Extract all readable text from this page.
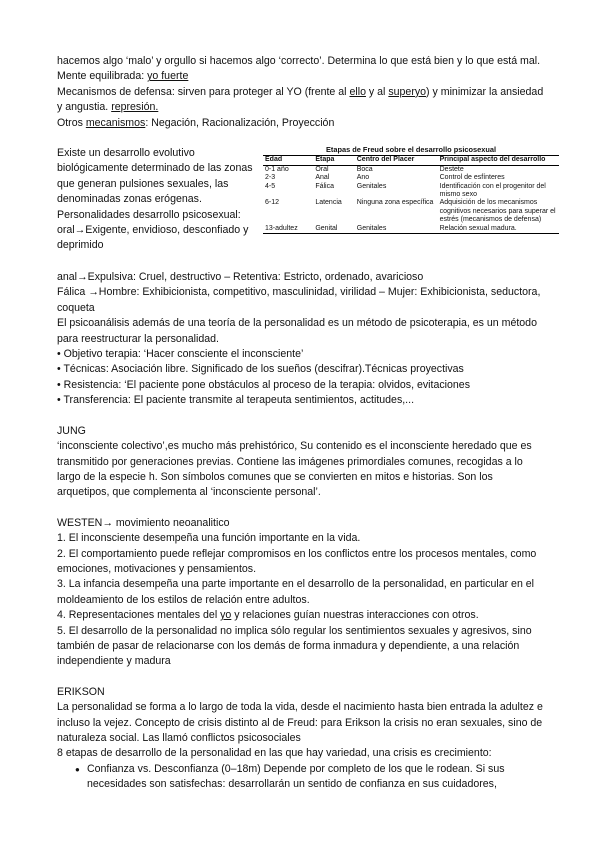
hacemos algo ‘malo’ y orgullo si hacemos algo ‘correcto’. Determina lo que está bien y lo que está mal.

Mente equilibrada: yo fuerte

Mecanismos de defensa: sirven para proteger al YO (frente al ello y al superyo) y minimizar la ansiedad y angustia. represión.

Otros mecanismos: Negación, Racionalización, Proyección

Existe un desarrollo evolutivo biológicamente determinado de las zonas que generan pulsiones sexuales, las denominadas zonas erógenas. Personalidades desarrollo psicosexual: oral→Exigente, envidioso, desconfiado y deprimido

Etapas de Freud sobre el desarrollo psicosexual
Edad	Etapa	Centro del Placer	Principal aspecto del desarrollo
0-1 año	Oral	Boca	Destete
2-3	Anal	Ano	Control de esfínteres
4-5	Fálica	Genitales	Identificación con el progenitor del mismo sexo
6-12	Latencia	Ninguna zona específica	Adquisición de los mecanismos cognitivos necesarios para superar el estrés (mecanismos de defensa)
13-adultez	Genital	Genitales	Relación sexual madura.

anal→Expulsiva: Cruel, destructivo – Retentiva: Estricto, ordenado, avaricioso

Fálica →Hombre: Exhibicionista, competitivo, masculinidad, virilidad – Mujer: Exhibicionista, seductora, coqueta

El psicoanálisis además de una teoría de la personalidad es un método de psicoterapia, es un método para reestructurar la personalidad.

• Objetivo terapia: ‘Hacer consciente el inconsciente’

• Técnicas: Asociación libre. Significado de los sueños (descifrar).Técnicas proyectivas

• Resistencia: ‘El paciente pone obstáculos al proceso de la terapia: olvidos, evitaciones

• Transferencia: El paciente transmite al terapeuta sentimientos, actitudes,...

JUNG

‘inconsciente colectivo’,es mucho más prehistórico, Su contenido es el inconsciente heredado que es transmitido por generaciones previas. Contiene las imágenes primordiales comunes, recogidas a lo largo de la especie h. Son símbolos comunes que se convierten en mitos e historias. Son los arquetipos, que complementa al ‘inconsciente personal’.

WESTEN→ movimiento neoanalitico

1. El inconsciente desempeña una función importante en la vida.

2. El comportamiento puede reflejar compromisos en los conflictos entre los procesos mentales, como emociones, motivaciones y pensamientos.

3. La infancia desempeña una parte importante en el desarrollo de la personalidad, en particular en el moldeamiento de los estilos de relación entre adultos.

4. Representaciones mentales del yo y relaciones guían nuestras interacciones con otros.

5. El desarrollo de la personalidad no implica sólo regular los sentimientos sexuales y agresivos, sino también de pasar de relacionarse con los demás de forma inmadura y dependiente, a una relación independiente y madura

ERIKSON

La personalidad se forma a lo largo de toda la vida, desde el nacimiento hasta bien entrada la adultez e incluso la vejez. Concepto de crisis distinto al de Freud: para Erikson la crisis no eran sexuales, sino de naturaleza social. Las llamó conflictos psicosociales

8 etapas de desarrollo de la personalidad en las que hay variedad, una crisis es crecimiento:

● Confianza vs. Desconfianza (0–18m) Depende por completo de los que le rodean. Si sus necesidades son satisfechas: desarrollarán un sentido de confianza en sus cuidadores,
